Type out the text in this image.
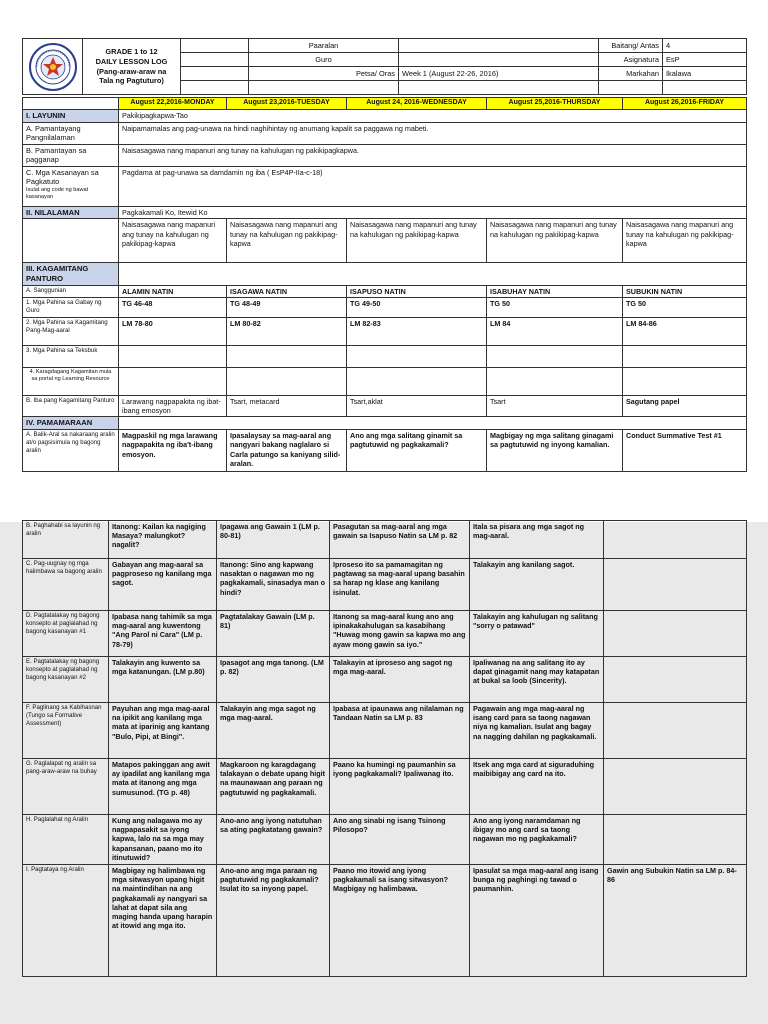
GRADE 1 to 12
DAILY LESSON LOG
(Pang-araw-araw na
Tala ng Pagtuturo)		Paaralan		Baitang/ Antas	4
			Guro		Asignatura	EsP
			Petsa/ Oras	Week 1 (August 22-26, 2016)	Markahan	Ikalawa

	August 22,2016-MONDAY	August 23,2016-TUESDAY	August 24, 2016-WEDNESDAY	August 25,2016-THURSDAY	August 26,2016-FRIDAY
I. LAYUNIN	Pakikipagkapwa-Tao				
A. Pamantayang Pangnilalaman	Naipamamalas ang pag-unawa na hindi naghihintay ng anumang kapalit sa paggawa ng mabeti.				
B. Pamantayan sa pagganap	Naisasagawa nang mapanuri ang tunay na kahulugan ng pakikipagkapwa.				

C. Mga Kasanayan sa Pagkatuto
Isulat ang code ng bawat kasanayan	Pagdama at pag-unawa sa damdamin ng iba ( EsP4P-IIa-c-18)				
II. NILALAMAN	Pagkakamali Ko, Itewid Ko				
	Naisasagawa nang mapanuri ang tunay na kahulugan ng pakikipag-kapwa	Naisasagawa nang mapanuri ang tunay na kahulugan ng pakikipag-kapwa	Naisasagawa nang mapanuri ang tunay na kahulugan ng pakikipag-kapwa	Naisasagawa nang mapanuri ang tunay na kahulugan ng pakikipag-kapwa	Naisasagawa nang mapanuri ang tunay na kahulugan ng pakikipag-kapwa
III. KAGAMITANG PANTURO					
A. Sanggunian	ALAMIN NATIN	ISAGAWA NATIN	ISAPUSO NATIN	ISABUHAY NATIN	SUBUKIN NATIN
1. Mga Pahina sa Gabay ng Guro	TG 46-48	TG 48-49	TG 49-50	TG 50	TG 50
2. Mga Pahina sa Kagamitang Pang-Mag-aaral	LM 78-80	LM 80-82	LM 82-83	LM 84	LM 84-86
3. Mga Pahina sa Teksbuk					
4. Karagdagang Kagamitan mula sa portal ng Learning Resource					
B. Iba pang Kagamitang Panturo	Larawang nagpapakita ng ibat-ibang emosyon	Tsart, metacard	Tsart,aklat	Tsart	Sagutang papel
IV. PAMAMARAAN					
A. Balik-Aral sa nakaraang aralin at/o pagsisimula ng bagong aralin	Magpaskil ng mga larawang nagpapakita ng iba't-ibang emosyon.	Ipasalaysay sa mag-aaral ang nangyari bakang naglalaro si Carla patungo sa kaniyang silid-aralan.	Ano ang mga salitang ginamit sa pagtutuwid ng pagkakamali?	Magbigay ng mga salitang ginagami sa pagtutuwid ng inyong kamalian.	Conduct Summative Test #1
B. Paghahabi sa layunin ng aralin	Itanong: Kailan ka nagiging Masaya? malungkot? nagalit?	Ipagawa ang Gawain 1 (LM p. 80-81)	Pasagutan sa mag-aaral ang mga gawain sa Isapuso Natin sa LM p. 82	Itala sa pisara ang mga sagot ng mag-aaral.	
C. Pag-uugnay ng mga halimbawa sa bagong aralin	Gabayan ang mag-aaral sa pagproseso ng kanilang mga sagot.	Itanong: Sino ang kapwang nasaktan o nagawan mo ng pagkakamali, sinasadya man o hindi?	Iproseso ito sa pamamagitan ng pagtawag sa mag-aaral upang basahin sa harap ng klase ang kanilang isinulat.	Talakayin ang kanilang sagot.	
D. Pagtatalakay ng bagong konsepto at paglalahad ng bagong kasanayan #1	Ipabasa nang tahimik sa mga mag-aaral ang kuwentong "Ang Parol ni Cara" (LM p. 78-79)	Pagtatalakay Gawain (LM p. 81)	Itanong sa mag-aaral kung ano ang ipinakakahulugan sa kasabihang "Huwag mong gawin sa kapwa mo ang ayaw mong gawin sa iyo."	Talakayin ang kahulugan ng salitang "sorry o patawad"	
E. Pagtatalakay ng bagong konsepto at paglalahad ng bagong kasanayan #2	Talakayin ang kuwento sa mga katanungan. (LM p.80)	Ipasagot ang mga tanong. (LM p. 82)	Talakayin at iproseso ang sagot ng mga mag-aaral.	Ipaliwanag na ang salitang ito ay dapat ginagamit nang may katapatan at bukal sa loob (Sincerity).	

F. Paglinang sa Kabihasnan
(Tungo sa Formative Assessment)	Payuhan ang mga mag-aaral na ipikit ang kanilang mga mata at iparinig ang kantang "Bulo, Pipi, at Bingi".	Talakayin ang mga sagot ng mga mag-aaral.	Ipabasa at ipaunawa ang nilalaman ng Tandaan Natin sa LM p. 83	Pagawain ang mga mag-aaral ng isang card para sa taong nagawan niya ng kamalian. Isulat ang bagay na nagging dahilan ng pagkakamali.	
G. Paglalapat ng aralin sa pang-araw-araw na buhay	Matapos pakinggan ang awit ay ipadilat ang kanilang mga mata at itanong ang mga sumusunod. (TG p. 48)	Magkaroon ng karagdagang talakayan o debate upang higit na maunawaan ang paraan ng pagtutuwid ng pagkakamali.	Paano ka humingi ng paumanhin sa iyong pagkakamali? Ipaliwanag ito.	Itsek ang mga card at siguraduhing maibibigay ang card na ito.	
H. Paglalahat ng Aralin	Kung ang nalagawa mo ay nagpapasakit sa iyong kapwa, lalo na sa mga may kapansanan, paano mo ito itinutuwid?	Ano-ano ang iyong natutuhan sa ating pagkatatang gawain?	Ano ang sinabi ng isang Tsinong Pilosopo?	Ano ang iyong naramdaman ng ibigay mo ang card sa taong nagawan mo ng pagkakamali?	
I. Pagtataya ng Aralin	Magbigay ng halimbawa ng mga sitwasyon upang higit na maintindihan na ang pagkakamali ay nangyari sa lahat at dapat sila ang maging handa upang harapin at itowid ang mga ito.	Ano-ano ang mga paraan ng pagtutuwid ng pagkakamali? Isulat ito sa inyong papel.	Paano mo itowid ang iyong pagkakamali sa isang sitwasyon? Magbigay ng halimbawa.	Ipasulat sa mga mag-aaral ang isang bunga ng paghingi ng tawad o paumanhin.	Gawin ang Subukin Natin sa LM p. 84-86
